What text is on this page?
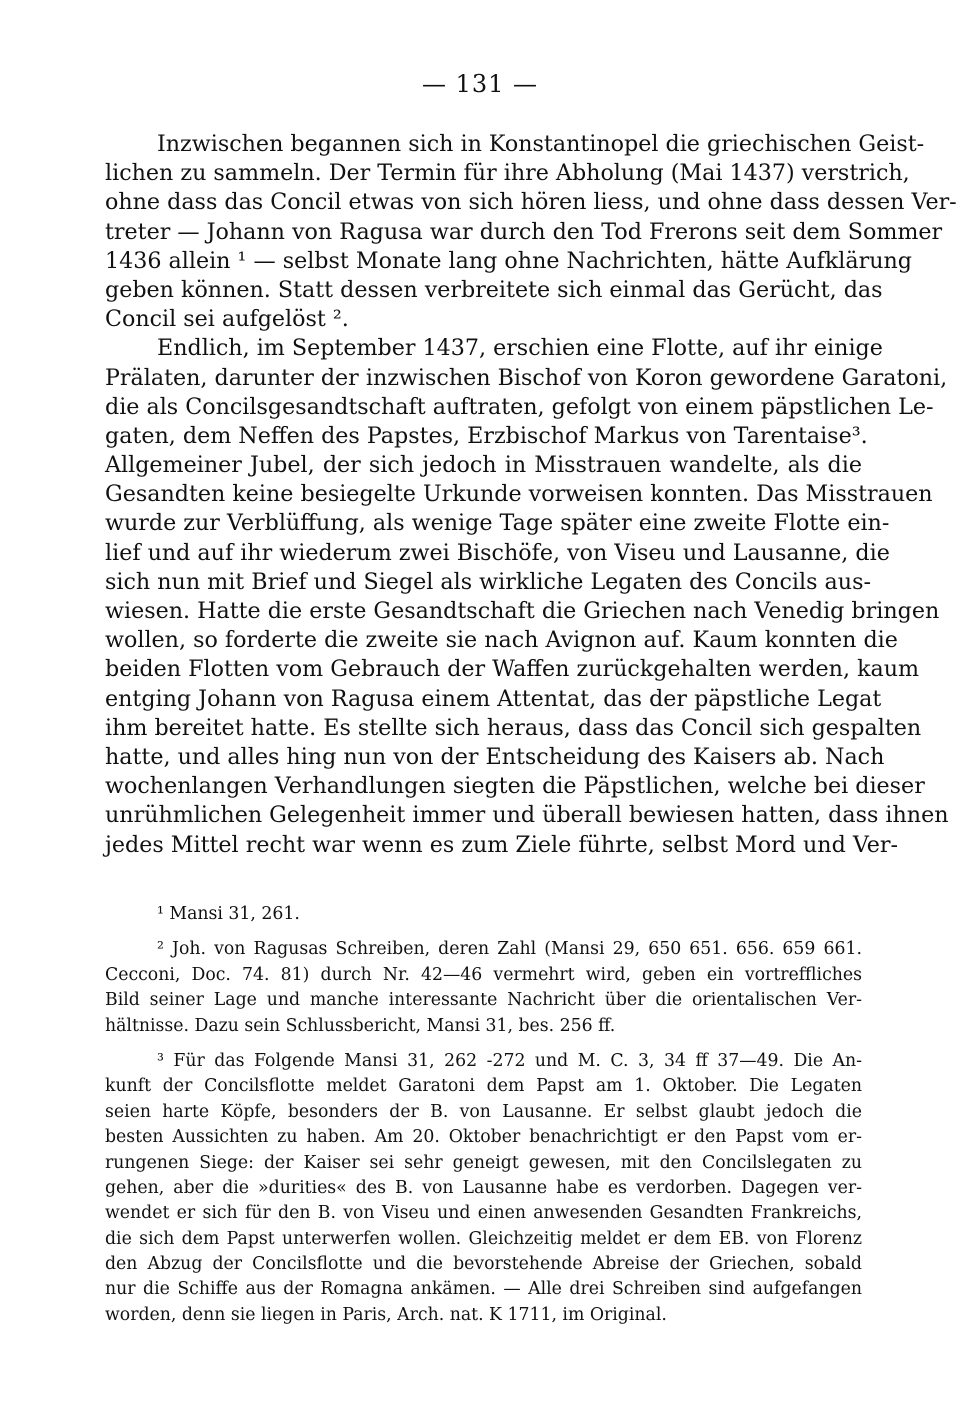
— 131 —
Inzwischen begannen sich in Konstantinopel die griechischen Geist-
lichen zu sammeln. Der Termin für ihre Abholung (Mai 1437) verstrich,
ohne dass das Concil etwas von sich hören liess, und ohne dass dessen Ver-
treter — Johann von Ragusa war durch den Tod Frerons seit dem Sommer
1436 allein ¹ — selbst Monate lang ohne Nachrichten, hätte Aufklärung
geben können. Statt dessen verbreitete sich einmal das Gerücht, das
Concil sei aufgelöst ².
Endlich, im September 1437, erschien eine Flotte, auf ihr einige
Prälaten, darunter der inzwischen Bischof von Koron gewordene Garatoni,
die als Concilsgesandtschaft auftraten, gefolgt von einem päpstlichen Le-
gaten, dem Neffen des Papstes, Erzbischof Markus von Tarentaise³.
Allgemeiner Jubel, der sich jedoch in Misstrauen wandelte, als die
Gesandten keine besiegelte Urkunde vorweisen konnten. Das Misstrauen
wurde zur Verblüffung, als wenige Tage später eine zweite Flotte ein-
lief und auf ihr wiederum zwei Bischöfe, von Viseu und Lausanne, die
sich nun mit Brief und Siegel als wirkliche Legaten des Concils aus-
wiesen. Hatte die erste Gesandtschaft die Griechen nach Venedig bringen
wollen, so forderte die zweite sie nach Avignon auf. Kaum konnten die
beiden Flotten vom Gebrauch der Waffen zurückgehalten werden, kaum
entging Johann von Ragusa einem Attentat, das der päpstliche Legat
ihm bereitet hatte. Es stellte sich heraus, dass das Concil sich gespalten
hatte, und alles hing nun von der Entscheidung des Kaisers ab. Nach
wochenlangen Verhandlungen siegten die Päpstlichen, welche bei dieser
unrühmlichen Gelegenheit immer und überall bewiesen hatten, dass ihnen
jedes Mittel recht war wenn es zum Ziele führte, selbst Mord und Ver-
¹ Mansi 31, 261.
² Joh. von Ragusas Schreiben, deren Zahl (Mansi 29, 650 651. 656. 659 661.
Cecconi, Doc. 74. 81) durch Nr. 42—46 vermehrt wird, geben ein vortreffliches
Bild seiner Lage und manche interessante Nachricht über die orientalischen Ver-
hältnisse. Dazu sein Schlussbericht, Mansi 31, bes. 256 ff.
³ Für das Folgende Mansi 31, 262 -272 und M. C. 3, 34 ff 37—49. Die An-
kunft der Concilsflotte meldet Garatoni dem Papst am 1. Oktober. Die Legaten
seien harte Köpfe, besonders der B. von Lausanne. Er selbst glaubt jedoch die
besten Aussichten zu haben. Am 20. Oktober benachrichtigt er den Papst vom er-
rungenen Siege: der Kaiser sei sehr geneigt gewesen, mit den Concilslegaten zu
gehen, aber die »durities« des B. von Lausanne habe es verdorben. Dagegen ver-
wendet er sich für den B. von Viseu und einen anwesenden Gesandten Frankreichs,
die sich dem Papst unterwerfen wollen. Gleichzeitig meldet er dem EB. von Florenz
den Abzug der Concilsflotte und die bevorstehende Abreise der Griechen, sobald
nur die Schiffe aus der Romagna ankämen. — Alle drei Schreiben sind aufgefangen
worden, denn sie liegen in Paris, Arch. nat. K 1711, im Original.
